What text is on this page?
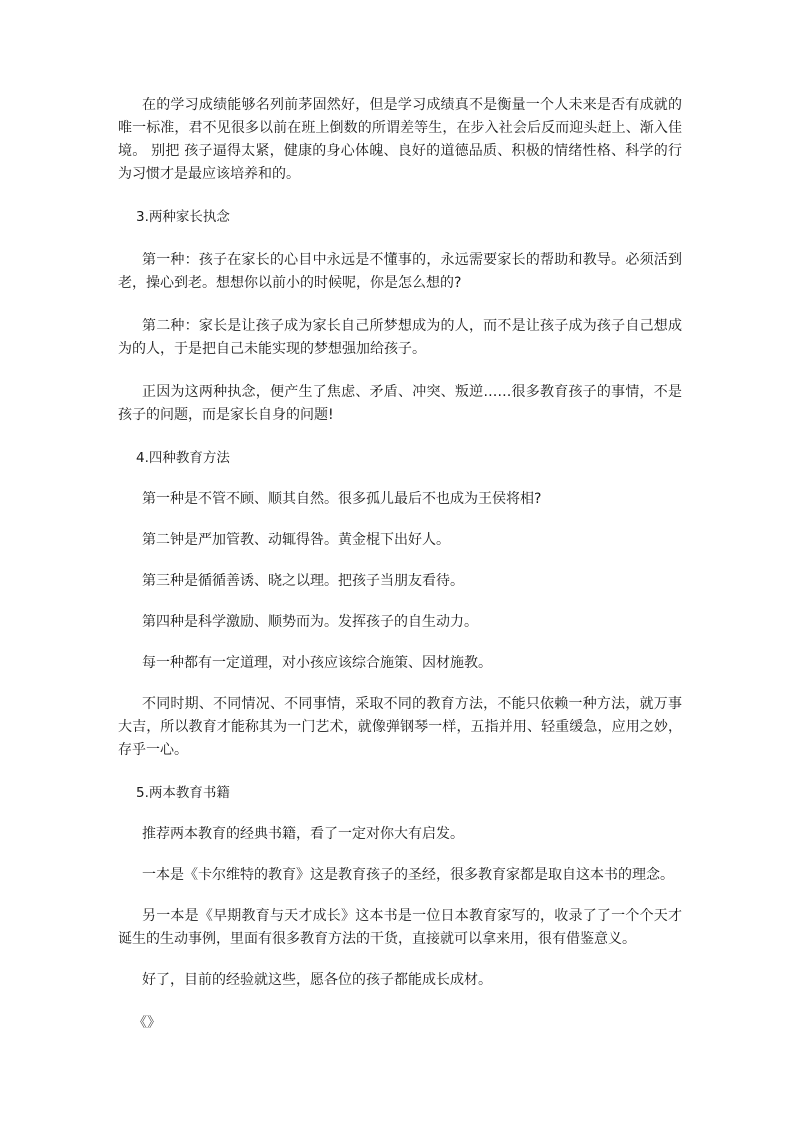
在的学习成绩能够名列前茅固然好，但是学习成绩真不是衡量一个人未来是否有成就的唯一标准，君不见很多以前在班上倒数的所谓差等生，在步入社会后反而迎头赶上、渐入佳境。 别把 孩子逼得太紧，健康的身心体魄、良好的道德品质、积极的情绪性格、科学的行为习惯才是最应该培养和的。

3.两种家长执念

第一种：孩子在家长的心目中永远是不懂事的，永远需要家长的帮助和教导。必须活到老，操心到老。想想你以前小的时候呢，你是怎么想的?

第二种：家长是让孩子成为家长自己所梦想成为的人，而不是让孩子成为孩子自己想成为的人，于是把自己未能实现的梦想强加给孩子。

正因为这两种执念，便产生了焦虑、矛盾、冲突、叛逆……很多教育孩子的事情，不是孩子的问题，而是家长自身的问题!

4.四种教育方法

第一种是不管不顾、顺其自然。很多孤儿最后不也成为王侯将相?

第二钟是严加管教、动辄得咎。黄金棍下出好人。

第三种是循循善诱、晓之以理。把孩子当朋友看待。

第四种是科学激励、顺势而为。发挥孩子的自生动力。

每一种都有一定道理，对小孩应该综合施策、因材施教。

不同时期、不同情况、不同事情，采取不同的教育方法，不能只依赖一种方法，就万事大吉，所以教育才能称其为一门艺术，就像弹钢琴一样，五指并用、轻重缓急，应用之妙，存乎一心。

5.两本教育书籍

推荐两本教育的经典书籍，看了一定对你大有启发。

一本是《卡尔维特的教育》这是教育孩子的圣经，很多教育家都是取自这本书的理念。

另一本是《早期教育与天才成长》这本书是一位日本教育家写的，收录了了一个个天才诞生的生动事例，里面有很多教育方法的干货，直接就可以拿来用，很有借鉴意义。

好了，目前的经验就这些，愿各位的孩子都能成长成材。

《》
